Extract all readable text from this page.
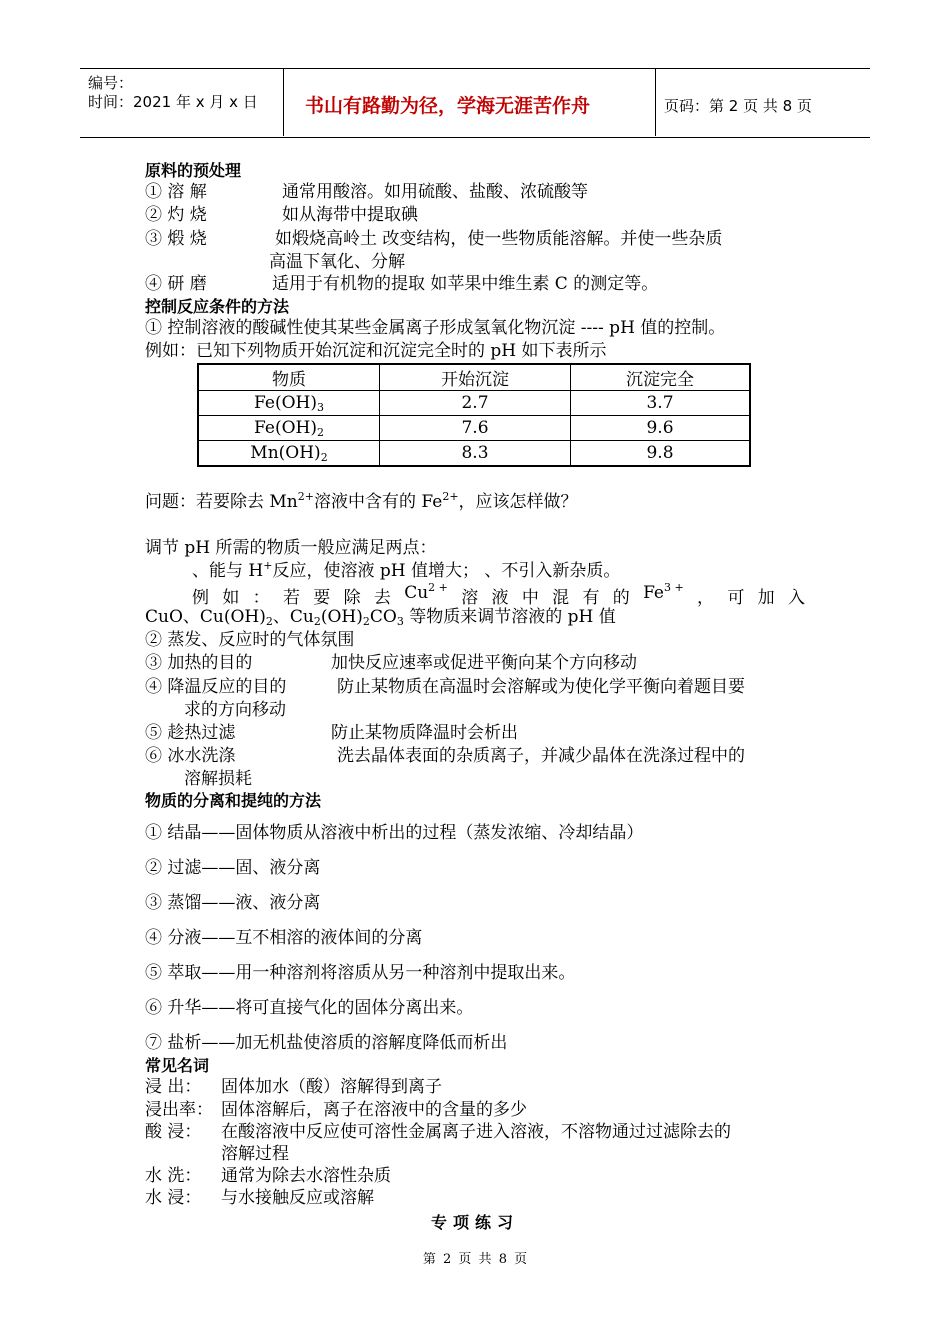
编号：
时间：2021 年 x 月 x 日 书山有路勤为径，学海无涯苦作舟	页码：第 2 页 共 8 页
原料的预处理
① 溶 解	通常用酸溶。如用硫酸、盐酸、浓硫酸等
② 灼 烧	如从海带中提取碘
③ 煅 烧	如煅烧高岭土 改变结构，使一些物质能溶解。并使一些杂质
高温下氧化、分解
④ 研 磨	适用于有机物的提取 如苹果中维生素 C 的测定等。
控制反应条件的方法
① 控制溶液的酸碱性使其某些金属离子形成氢氧化物沉淀 ---- pH 值的控制。
例如：已知下列物质开始沉淀和沉淀完全时的 pH 如下表所示
物质	开始沉淀	沉淀完全
$Fe(OH)_3$	2.7	3.7
$Fe(OH)_2$	7.6	9.6
$Mn(OH)_2$	8.3	9.8
问题：若要除去 $Mn^{2+}$溶液中含有的 $Fe^{2+}$，应该怎样做？
调节 pH 所需的物质一般应满足两点：
、能与 H+反应，使溶液 pH 值增大； 、不引入新杂质。
例 如 ： 若 要 除 去 $Cu^{2 +}$
溶 液 中 混 有 的 $Fe^{3 +}$
， 可 加 入
CuO、$Cu(OH)_2$、$Cu_2(OH)_2CO_3$ 等物质来调节溶液的 pH 值
② 蒸发、反应时的气体氛围
③ 加热的目的	加快反应速率或促进平衡向某个方向移动
④ 降温反应的目的	防止某物质在高温时会溶解或为使化学平衡向着题目要
求的方向移动
⑤ 趁热过滤	防止某物质降温时会析出
⑥ 冰水洗涤	洗去晶体表面的杂质离子，并减少晶体在洗涤过程中的
溶解损耗
物质的分离和提纯的方法
① 结晶——固体物质从溶液中析出的过程（蒸发浓缩、冷却结晶）
② 过滤——固、液分离
③ 蒸馏——液、液分离
④ 分液——互不相溶的液体间的分离
⑤ 萃取——用一种溶剂将溶质从另一种溶剂中提取出来。
⑥ 升华——将可直接气化的固体分离出来。
⑦ 盐析——加无机盐使溶质的溶解度降低而析出
常见名词
浸 出： 固体加水（酸）溶解得到离子
浸出率： 固体溶解后，离子在溶液中的含量的多少
酸 浸： 在酸溶液中反应使可溶性金属离子进入溶液，不溶物通过过滤除去的
溶解过程
水 洗： 通常为除去水溶性杂质
水 浸： 与水接触反应或溶解
专项练习
第 2 页 共 8 页
